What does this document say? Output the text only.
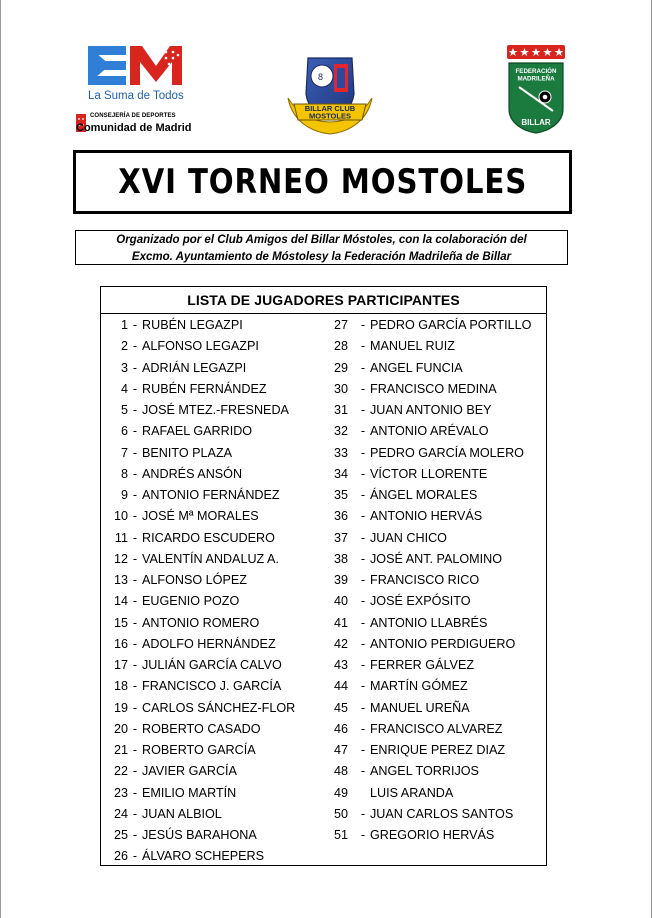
La Suma de Todos
CONSEJERÍA DE DEPORTES
Comunidad de Madrid
8
BILLAR CLUB
MOSTOLES
FEDERACIÓN
MADRILEÑA
BILLAR
XVI TORNEO MOSTOLES
Organizado por el Club Amigos del Billar Móstoles, con la colaboración del
Excmo. Ayuntamiento de Móstolesy la Federación Madrileña de Billar
LISTA DE JUGADORES PARTICIPANTES
1 - RUBÉN LEGAZPI
2 - ALFONSO LEGAZPI
3 - ADRIÁN LEGAZPI
4 - RUBÉN FERNÁNDEZ
5 - JOSÉ MTEZ.-FRESNEDA
6 - RAFAEL GARRIDO
7 - BENITO PLAZA
8 - ANDRÉS ANSÓN
9 - ANTONIO FERNÁNDEZ
10 - JOSÉ Mª MORALES
11 - RICARDO ESCUDERO
12 - VALENTÍN ANDALUZ A.
13 - ALFONSO LÓPEZ
14 - EUGENIO POZO
15 - ANTONIO ROMERO
16 - ADOLFO HERNÁNDEZ
17 - JULIÁN GARCÍA CALVO
18 - FRANCISCO J. GARCÍA
19 - CARLOS SÁNCHEZ-FLOR
20 - ROBERTO CASADO
21 - ROBERTO GARCÍA
22 - JAVIER GARCÍA
23 - EMILIO MARTÍN
24 - JUAN ALBIOL
25 - JESÚS BARAHONA
26 - ÁLVARO SCHEPERS
27 - PEDRO GARCÍA PORTILLO
28 - MANUEL RUIZ
29 - ANGEL FUNCIA
30 - FRANCISCO MEDINA
31 - JUAN ANTONIO BEY
32 - ANTONIO ARÉVALO
33 - PEDRO GARCÍA MOLERO
34 - VÍCTOR LLORENTE
35 - ÁNGEL MORALES
36 - ANTONIO HERVÁS
37 - JUAN CHICO
38 - JOSÉ ANT. PALOMINO
39 - FRANCISCO RICO
40 - JOSÉ EXPÓSITO
41 - ANTONIO LLABRÉS
42 - ANTONIO PERDIGUERO
43 - FERRER GÁLVEZ
44 - MARTÍN GÓMEZ
45 - MANUEL UREÑA
46 - FRANCISCO ALVAREZ
47 - ENRIQUE PEREZ DIAZ
48 - ANGEL TORRIJOS
49 LUIS ARANDA
50 - JUAN CARLOS SANTOS
51 - GREGORIO HERVÁS
